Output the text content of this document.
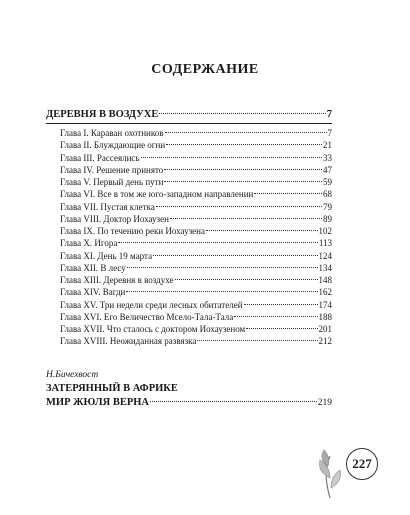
СОДЕРЖАНИЕ
ДЕРЕВНЯ В ВОЗДУХЕ	7
Глава I. Караван охотников	7
Глава II. Блуждающие огни	21
Глава III. Рассеялись	33
Глава IV. Решение принято	47
Глава V. Первый день пути	59
Глава VI. Все в том же юго-западном направлении	68
Глава VII. Пустая клетка	79
Глава VIII. Доктор Иохаузен	89
Глава IX. По течению реки Иохаузена	102
Глава X. Игора	113
Глава XI. День 19 марта	124
Глава XII. В лесу	134
Глава XIII. Деревня в воздухе	148
Глава XIV. Вагди	162
Глава XV. Три недели среди лесных обитателей	174
Глава XVI. Его Величество Мсело-Тала-Тала	188
Глава XVII. Что сталось с доктором Иохаузеном	201
Глава XVIII. Неожиданная развязка	212
Н.Бичехвост
ЗАТЕРЯННЫЙ В АФРИКЕ
МИР ЖЮЛЯ ВЕРНА	219
227
